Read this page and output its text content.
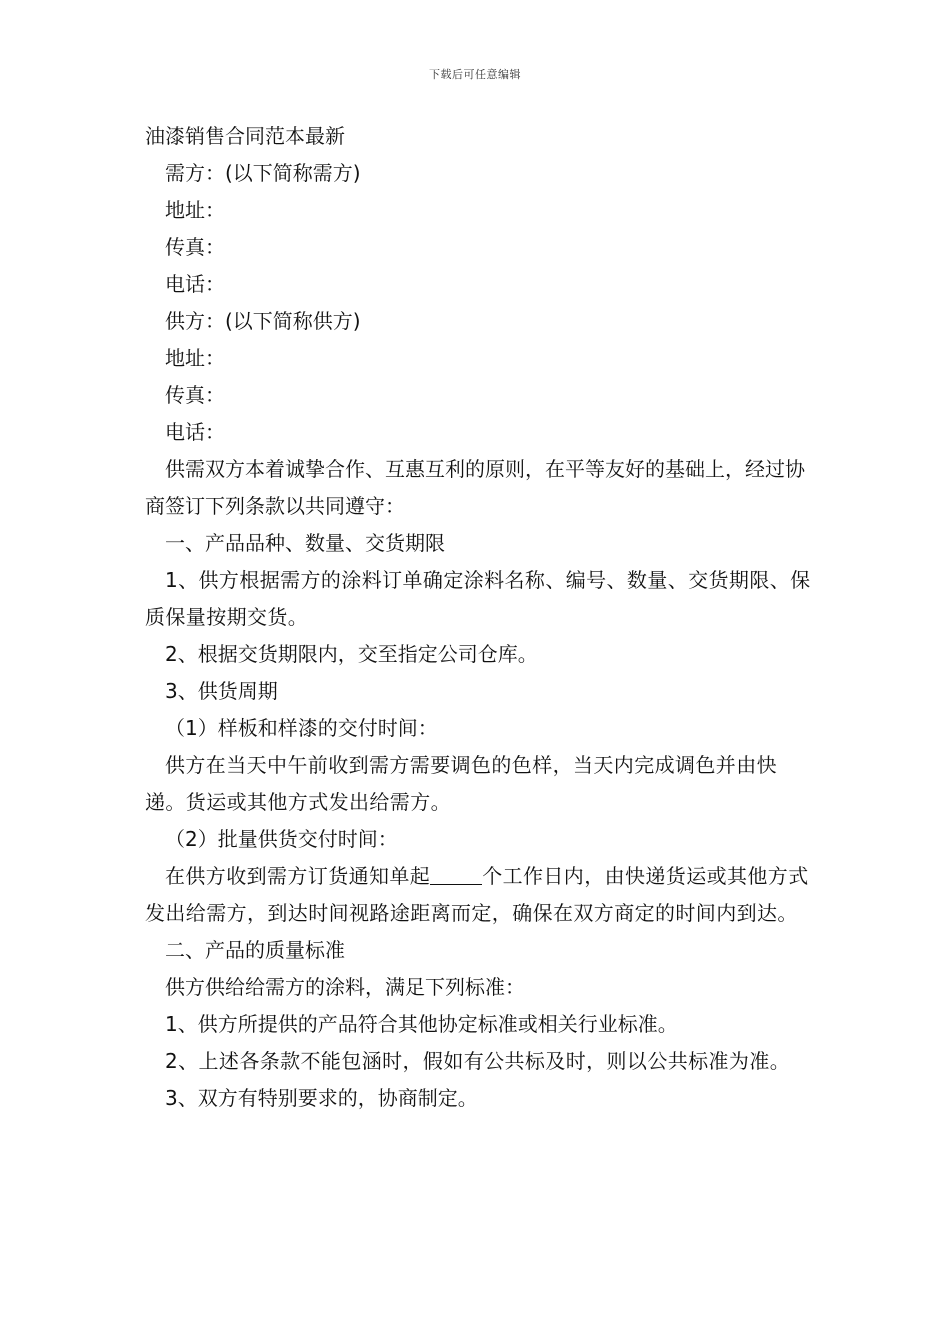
下载后可任意编辑

油漆销售合同范本最新

需方：(以下简称需方)

地址：

传真：

电话：

供方：(以下简称供方)

地址：

传真：

电话：

供需双方本着诚挚合作、互惠互利的原则，在平等友好的基础上，经过协商签订下列条款以共同遵守：

一、产品品种、数量、交货期限

1、供方根据需方的涂料订单确定涂料名称、编号、数量、交货期限、保质保量按期交货。

2、根据交货期限内，交至指定公司仓库。

3、供货周期

（1）样板和样漆的交付时间：

供方在当天中午前收到需方需要调色的色样，当天内完成调色并由快递。货运或其他方式发出给需方。

（2）批量供货交付时间：

在供方收到需方订货通知单起	个工作日内，由快递货运或其他方式发出给需方，到达时间视路途距离而定，确保在双方商定的时间内到达。

二、产品的质量标准

供方供给给需方的涂料，满足下列标准：

1、供方所提供的产品符合其他协定标准或相关行业标准。

2、上述各条款不能包涵时，假如有公共标及时，则以公共标准为准。

3、双方有特别要求的，协商制定。
